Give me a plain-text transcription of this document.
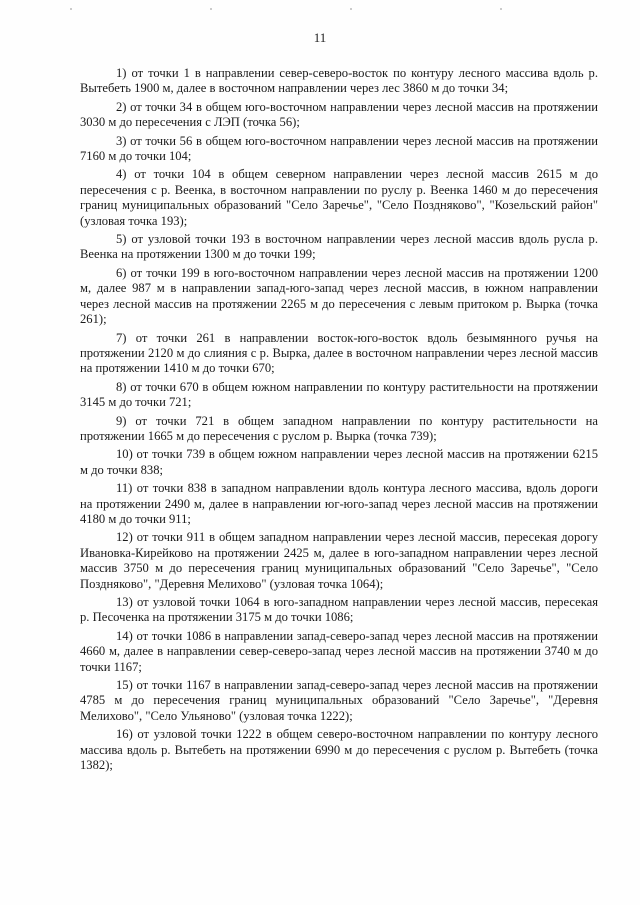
11

1) от точки 1 в направлении север-северо-восток по контуру лесного массива вдоль р. Вытебеть 1900 м, далее в восточном направлении через лес 3860 м до точки 34;

2) от точки 34 в общем юго-восточном направлении через лесной массив на протяжении 3030 м до пересечения с ЛЭП (точка 56);

3) от точки 56 в общем юго-восточном направлении через лесной массив на протяжении 7160 м до точки 104;

4) от точки 104 в общем северном направлении через лесной массив 2615 м до пересечения с р. Веенка, в восточном направлении по руслу р. Веенка 1460 м до пересечения границ муниципальных образований "Село Заречье", "Село Поздняково", "Козельский район" (узловая точка 193);

5) от узловой точки 193 в восточном направлении через лесной массив вдоль русла р. Веенка на протяжении 1300 м до точки 199;

6) от точки 199 в юго-восточном направлении через лесной массив на протяжении 1200 м, далее 987 м в направлении запад-юго-запад через лесной массив, в южном направлении через лесной массив на протяжении 2265 м до пересечения с левым притоком р. Вырка (точка 261);

7) от точки 261 в направлении восток-юго-восток вдоль безымянного ручья на протяжении 2120 м до слияния с р. Вырка, далее в восточном направлении через лесной массив на протяжении 1410 м до точки 670;

8) от точки 670 в общем южном направлении по контуру растительности на протяжении 3145 м до точки 721;

9) от точки 721 в общем западном направлении по контуру растительности на протяжении 1665 м до пересечения с руслом р. Вырка (точка 739);

10) от точки 739 в общем южном направлении через лесной массив на протяжении 6215 м до точки 838;

11) от точки 838 в западном направлении вдоль контура лесного массива, вдоль дороги на протяжении 2490 м, далее в направлении юг-юго-запад через лесной массив на протяжении 4180 м до точки 911;

12) от точки 911 в общем западном направлении через лесной массив, пересекая дорогу Ивановка-Кирейково на протяжении 2425 м, далее в юго-западном направлении через лесной массив 3750 м до пересечения границ муниципальных образований "Село Заречье", "Село Поздняково", "Деревня Мелихово" (узловая точка 1064);

13) от узловой точки 1064 в юго-западном направлении через лесной массив, пересекая р. Песоченка на протяжении 3175 м до точки 1086;

14) от точки 1086 в направлении запад-северо-запад через лесной массив на протяжении 4660 м, далее в направлении север-северо-запад через лесной массив на протяжении 3740 м до точки 1167;

15) от точки 1167 в направлении запад-северо-запад через лесной массив на протяжении 4785 м до пересечения границ муниципальных образований "Село Заречье", "Деревня Мелихово", "Село Ульяново" (узловая точка 1222);

16) от узловой точки 1222 в общем северо-восточном направлении по контуру лесного массива вдоль р. Вытебеть на протяжении 6990 м до пересечения с руслом р. Вытебеть (точка 1382);
